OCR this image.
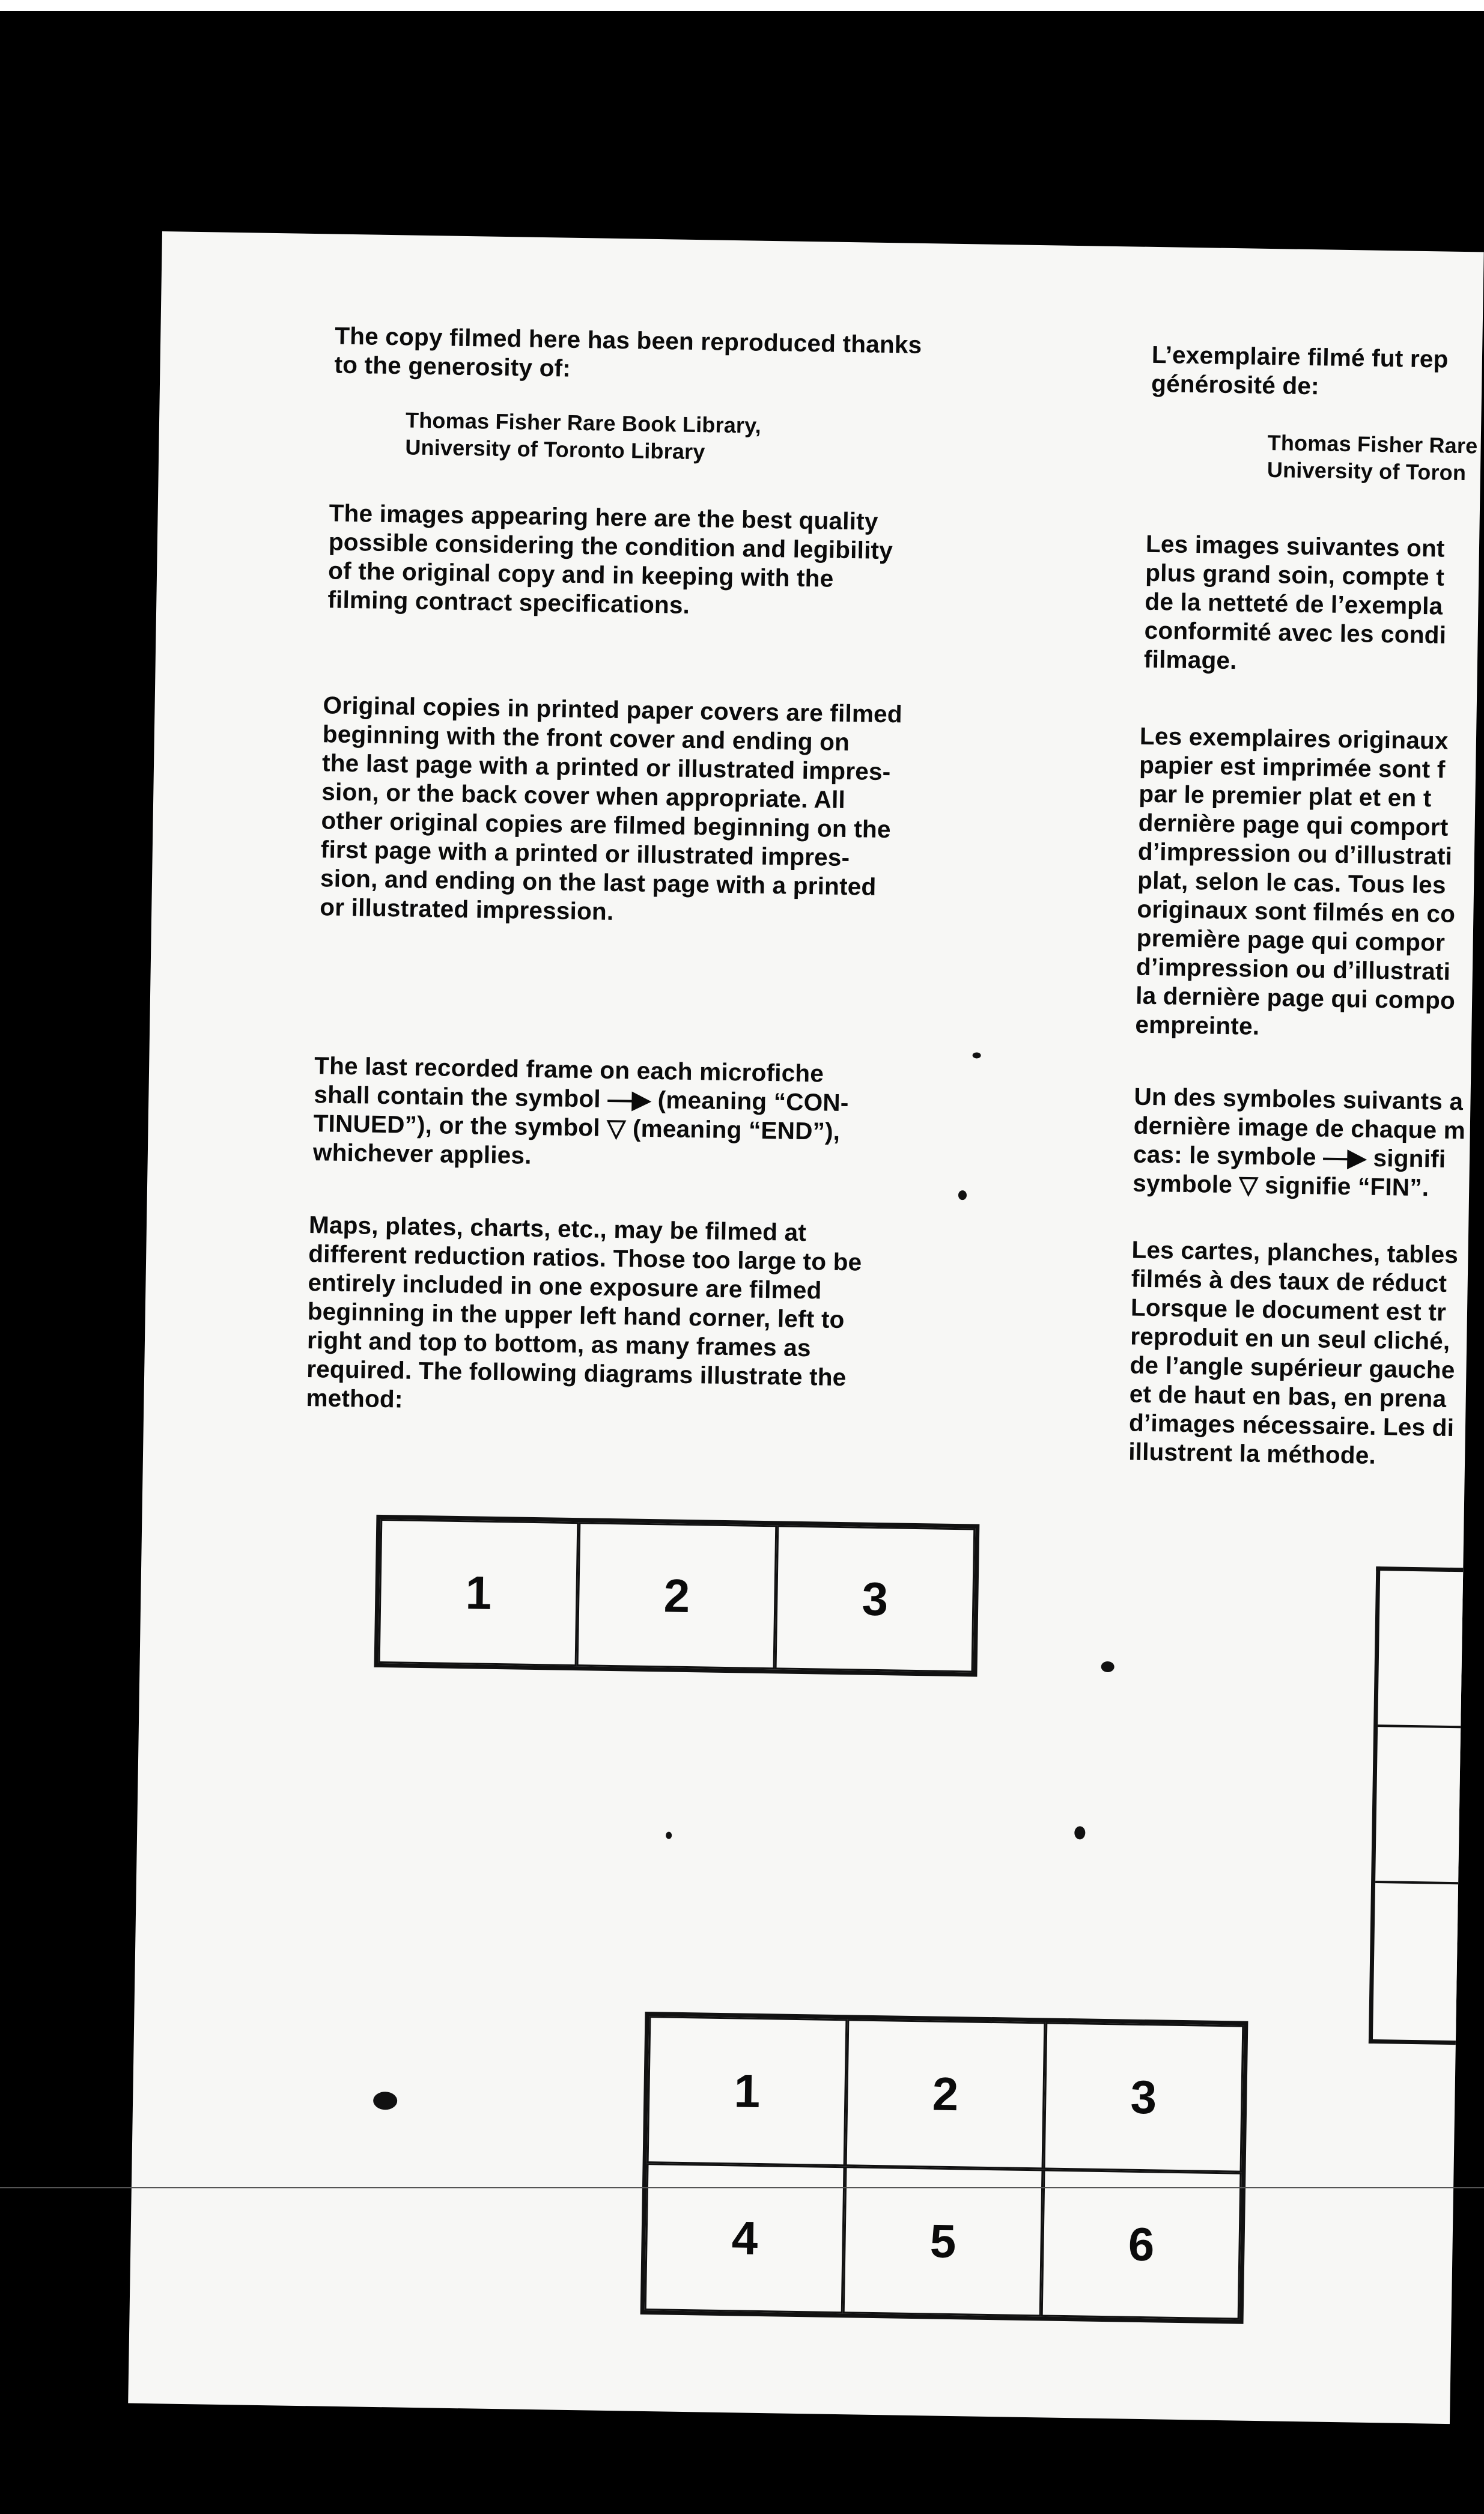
The copy filmed here has been reproduced thanks
to the generosity of:

Thomas Fisher Rare Book Library,
University of Toronto Library

The images appearing here are the best quality
possible considering the condition and legibility
of the original copy and in keeping with the
filming contract specifications.

Original copies in printed paper covers are filmed
beginning with the front cover and ending on
the last page with a printed or illustrated impres-
sion, or the back cover when appropriate. All
other original copies are filmed beginning on the
first page with a printed or illustrated impres-
sion, and ending on the last page with a printed
or illustrated impression.

The last recorded frame on each microfiche
shall contain the symbol —▶ (meaning “CON-
TINUED”), or the symbol ▽ (meaning “END”),
whichever applies.

Maps, plates, charts, etc., may be filmed at
different reduction ratios. Those too large to be
entirely included in one exposure are filmed
beginning in the upper left hand corner, left to
right and top to bottom, as many frames as
required. The following diagrams illustrate the
method:

L’exemplaire filmé fut rep
générosité de:

Thomas Fisher Rare
University of Toron

Les images suivantes ont
plus grand soin, compte t
de la netteté de l’exempla
conformité avec les condi
filmage.

Les exemplaires originaux
papier est imprimée sont f
par le premier plat et en t
dernière page qui comport
d’impression ou d’illustrati
plat, selon le cas. Tous les
originaux sont filmés en co
première page qui compor
d’impression ou d’illustrati
la dernière page qui compo
empreinte.

Un des symboles suivants a
dernière image de chaque m
cas: le symbole —▶ signifi
symbole ▽ signifie “FIN”.

Les cartes, planches, tables
filmés à des taux de réduct
Lorsque le document est tr
reproduit en un seul cliché,
de l’angle supérieur gauche
et de haut en bas, en prena
d’images nécessaire. Les di
illustrent la méthode.

1	2	3
1	2	3
4	5	6
